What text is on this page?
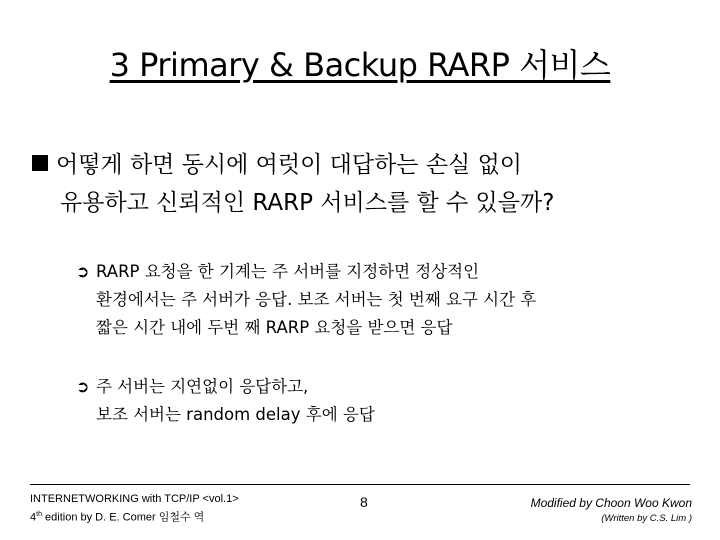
3 Primary & Backup RARP 서비스
어떻게 하면 동시에 여럿이 대답하는 손실 없이
유용하고 신뢰적인 RARP 서비스를 할 수 있을까?
➲ RARP 요청을 한 기계는 주 서버를 지정하면 정상적인
환경에서는 주 서버가 응답. 보조 서버는 첫 번째 요구 시간 후
짧은 시간 내에 두번 째 RARP 요청을 받으면 응답
➲ 주 서버는 지연없이 응답하고,
보조 서버는 random delay 후에 응답
INTERNETWORKING with TCP/IP <vol.1>
4th edition by D. E. Comer 임철수 역
8	Modified by Choon Woo Kwon
(Written by C.S. Lim )
